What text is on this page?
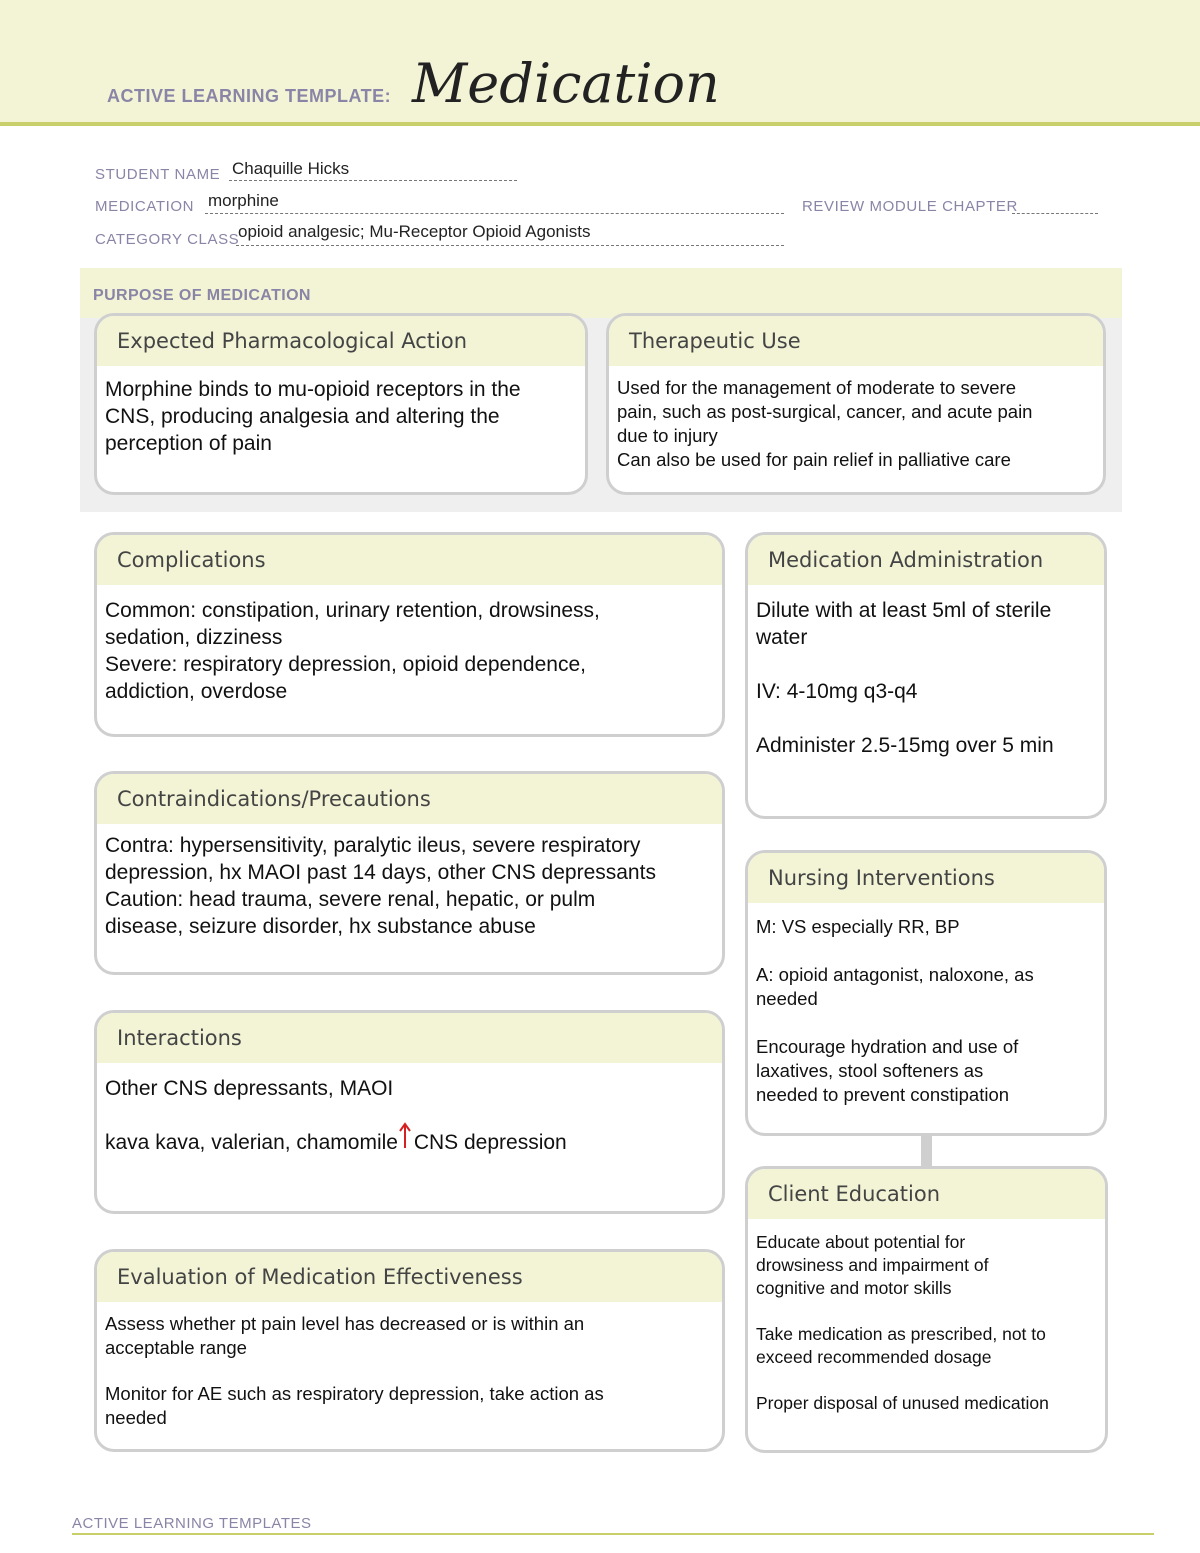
ACTIVE LEARNING TEMPLATE: Medication
STUDENT NAME Chaquille Hicks
MEDICATION morphine	REVIEW MODULE CHAPTER
CATEGORY CLASS
opioid analgesic; Mu-Receptor Opioid Agonists
PURPOSE OF MEDICATION
Expected Pharmacological Action

Morphine binds to mu-opioid receptors in the
CNS, producing analgesia and altering the
perception of pain

Therapeutic Use

Used for the management of moderate to severe
pain, such as post-surgical, cancer, and acute pain
due to injury
Can also be used for pain relief in palliative care

Complications

Common: constipation, urinary retention, drowsiness,
sedation, dizziness
Severe: respiratory depression, opioid dependence,
addiction, overdose

Contraindications/Precautions

Contra: hypersensitivity, paralytic ileus, severe respiratory
depression, hx MAOI past 14 days, other CNS depressants
Caution: head trauma, severe renal, hepatic, or pulm
disease, seizure disorder, hx substance abuse

Interactions

Other CNS depressants, MAOI

kava kava, valerian, chamomile
CNS depression

Evaluation of Medication Effectiveness

Assess whether pt pain level has decreased or is within an
acceptable range

Monitor for AE such as respiratory depression, take action as
needed

Medication Administration

Dilute with at least 5ml of sterile
water

IV: 4-10mg q3-q4

Administer 2.5-15mg over 5 min

Nursing Interventions

M: VS especially RR, BP

A: opioid antagonist, naloxone, as
needed

Encourage hydration and use of
laxatives, stool softeners as
needed to prevent constipation

Client Education

Educate about potential for
drowsiness and impairment of
cognitive and motor skills

Take medication as prescribed, not to
exceed recommended dosage

Proper disposal of unused medication

ACTIVE LEARNING TEMPLATES
